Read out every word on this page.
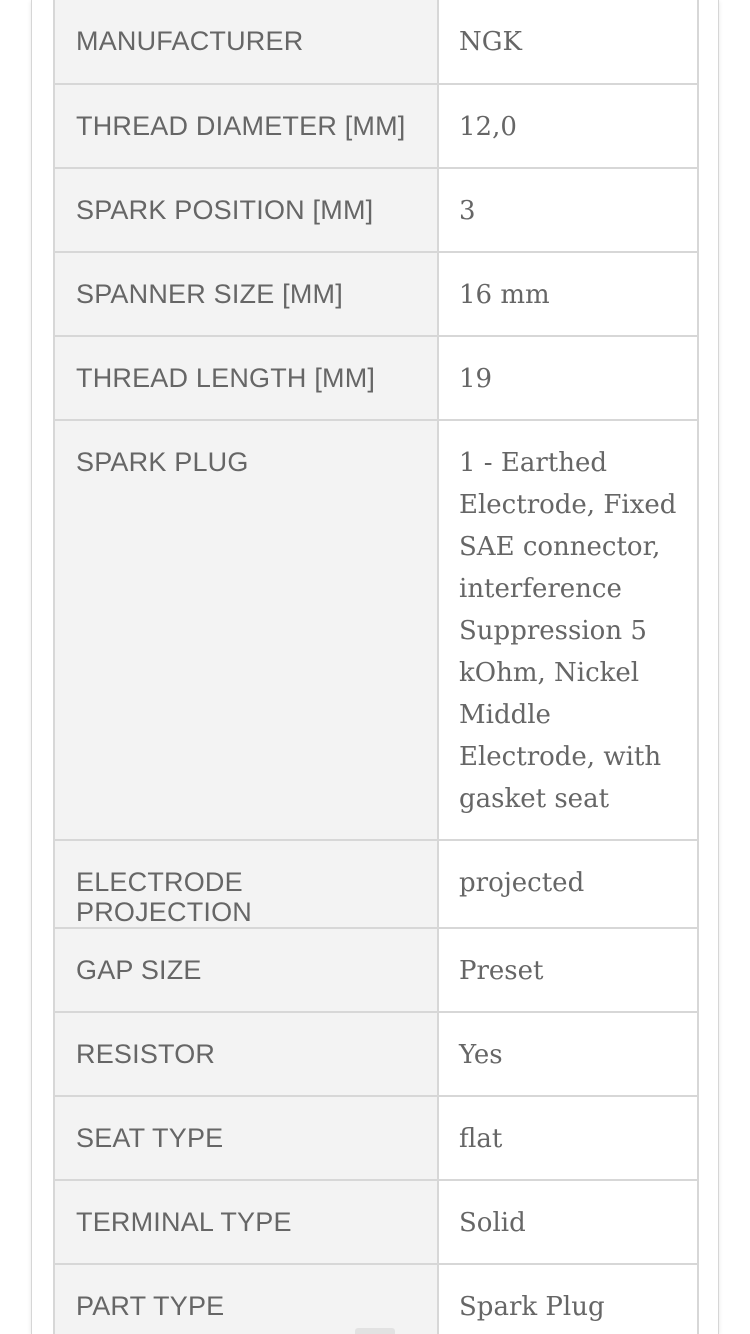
MANUFACTURER	NGK
THREAD DIAMETER [MM]	12,0
SPARK POSITION [MM]	3
SPANNER SIZE [MM]	16 mm
THREAD LENGTH [MM]	19
SPARK PLUG	1 - Earthed Electrode, Fixed SAE connector, interference Suppression 5 kOhm, Nickel Middle Electrode, with gasket seat
ELECTRODE PROJECTION	projected
GAP SIZE	Preset
RESISTOR	Yes
SEAT TYPE	flat
TERMINAL TYPE	Solid
PART TYPE	Spark Plug
